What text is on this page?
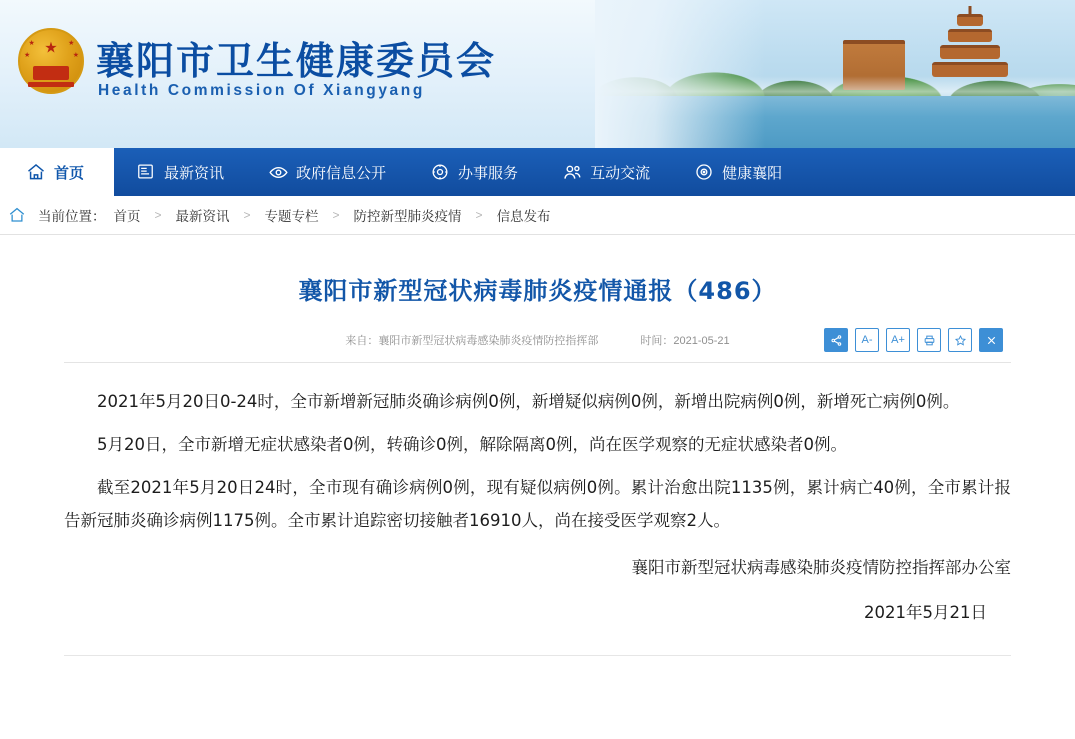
★
★
★
★
★ 襄阳市卫生健康委员会
Health Commission Of Xiangyang
首页	最新资讯	政府信息公开	办事服务	互动交流	健康襄阳
当前位置： 首页	>	最新资讯	>	专题专栏	>	防控新型肺炎疫情	>	信息发布
襄阳市新型冠状病毒肺炎疫情通报（486）
来自：襄阳市新型冠状病毒感染肺炎疫情防控指挥部	时间：2021-05-21	A-	A+

2021年5月20日0-24时，全市新增新冠肺炎确诊病例0例，新增疑似病例0例，新增出院病例0例，新增死亡病例0例。

5月20日，全市新增无症状感染者0例，转确诊0例，解除隔离0例，尚在医学观察的无症状感染者0例。

截至2021年5月20日24时，全市现有确诊病例0例，现有疑似病例0例。累计治愈出院1135例，累计病亡40例，全市累计报告新冠肺炎确诊病例1175例。全市累计追踪密切接触者16910人，尚在接受医学观察2人。

襄阳市新型冠状病毒感染肺炎疫情防控指挥部办公室
2021年5月21日
